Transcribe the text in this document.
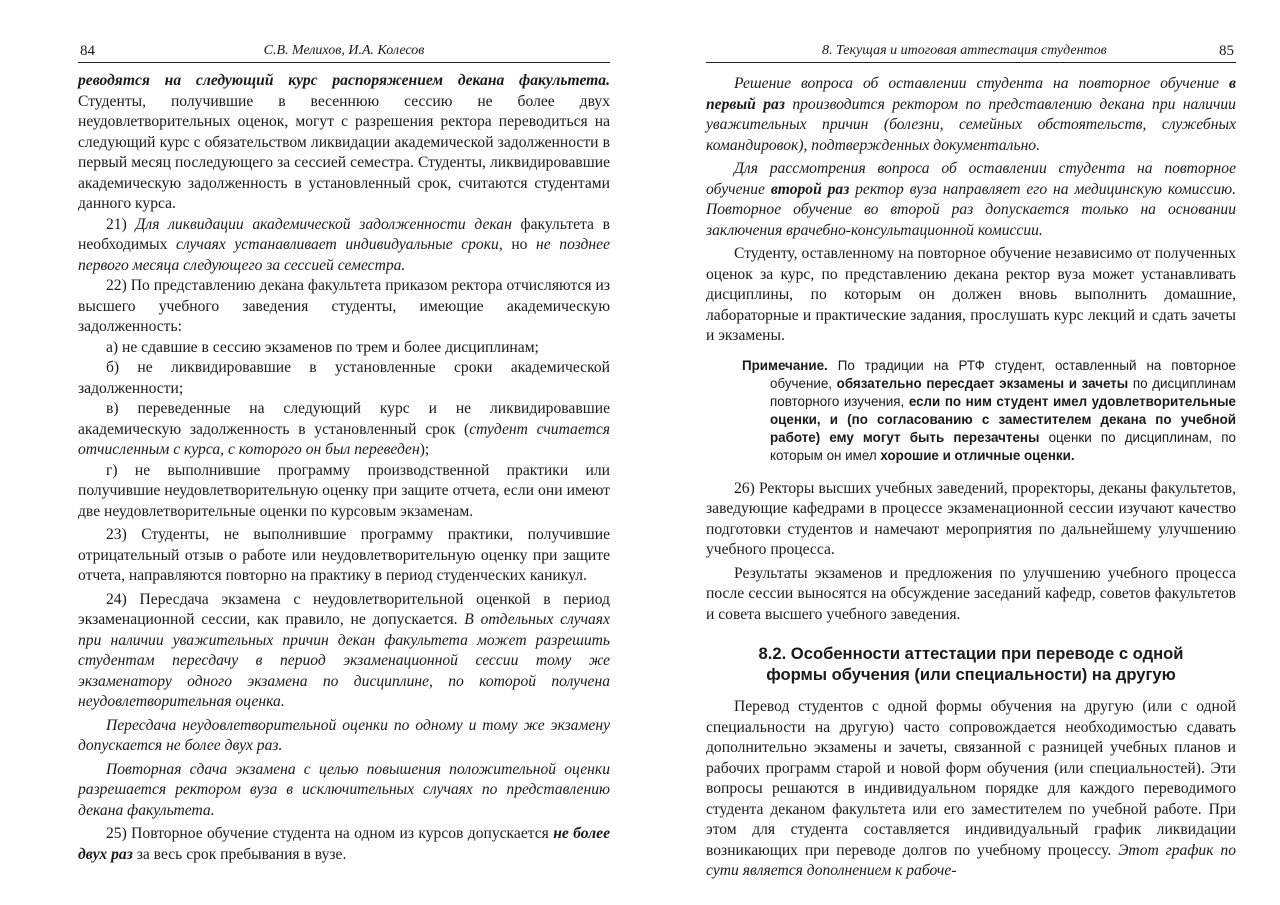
84	С.В. Мелихов, И.А. Колесов

реводятся на следующий курс распоряжением декана факультета. Студенты, получившие в весеннюю сессию не более двух неудовлетворительных оценок, могут с разрешения ректора переводиться на следующий курс с обязательством ликвидации академической задолженности в первый месяц последующего за сессией семестра. Студенты, ликвидировавшие академическую задолженность в установленный срок, считаются студентами данного курса.

21) Для ликвидации академической задолженности декан факультета в необходимых случаях устанавливает индивидуальные сроки, но не позднее первого месяца следующего за сессией семестра.

22) По представлению декана факультета приказом ректора отчисляются из высшего учебного заведения студенты, имеющие академическую задолженность:

а) не сдавшие в сессию экзаменов по трем и более дисциплинам;

б) не ликвидировавшие в установленные сроки академической задолженности;

в) переведенные на следующий курс и не ликвидировавшие академическую задолженность в установленный срок (студент считается отчисленным с курса, с которого он был переведен);

г) не выполнившие программу производственной практики или получившие неудовлетворительную оценку при защите отчета, если они имеют две неудовлетворительные оценки по курсовым экзаменам.

23) Студенты, не выполнившие программу практики, получившие отрицательный отзыв о работе или неудовлетворительную оценку при защите отчета, направляются повторно на практику в период студенческих каникул.

24) Пересдача экзамена с неудовлетворительной оценкой в период экзаменационной сессии, как правило, не допускается. В отдельных случаях при наличии уважительных причин декан факультета может разрешить студентам пересдачу в период экзаменационной сессии тому же экзаменатору одного экзамена по дисциплине, по которой получена неудовлетворительная оценка.

Пересдача неудовлетворительной оценки по одному и тому же экзамену допускается не более двух раз.

Повторная сдача экзамена с целью повышения положительной оценки разрешается ректором вуза в исключительных случаях по представлению декана факультета.

25) Повторное обучение студента на одном из курсов допускается не более двух раз за весь срок пребывания в вузе.

8. Текущая и итоговая аттестация студентов	85

Решение вопроса об оставлении студента на повторное обучение в первый раз производится ректором по представлению декана при наличии уважительных причин (болезни, семейных обстоятельств, служебных командировок), подтвержденных документально.

Для рассмотрения вопроса об оставлении студента на повторное обучение второй раз ректор вуза направляет его на медицинскую комиссию. Повторное обучение во второй раз допускается только на основании заключения врачебно-консультационной комиссии.

Студенту, оставленному на повторное обучение независимо от полученных оценок за курс, по представлению декана ректор вуза может устанавливать дисциплины, по которым он должен вновь выполнить домашние, лабораторные и практические задания, прослушать курс лекций и сдать зачеты и экзамены.

Примечание. По традиции на РТФ студент, оставленный на повторное обучение, обязательно пересдает экзамены и зачеты по дисциплинам повторного изучения, если по ним студент имел удовлетворительные оценки, и (по согласованию с заместителем декана по учебной работе) ему могут быть перезачтены оценки по дисциплинам, по которым он имел хорошие и отличные оценки.

26) Ректоры высших учебных заведений, проректоры, деканы факультетов, заведующие кафедрами в процессе экзаменационной сессии изучают качество подготовки студентов и намечают мероприятия по дальнейшему улучшению учебного процесса.

Результаты экзаменов и предложения по улучшению учебного процесса после сессии выносятся на обсуждение заседаний кафедр, советов факультетов и совета высшего учебного заведения.

8.2. Особенности аттестации при переводе с одной формы обучения (или специальности) на другую

Перевод студентов с одной формы обучения на другую (или с одной специальности на другую) часто сопровождается необходимостью сдавать дополнительно экзамены и зачеты, связанной с разницей учебных планов и рабочих программ старой и новой форм обучения (или специальностей). Эти вопросы решаются в индивидуальном порядке для каждого переводимого студента деканом факультета или его заместителем по учебной работе. При этом для студента составляется индивидуальный график ликвидации возникающих при переводе долгов по учебному процессу. Этот график по сути является дополнением к рабоче-
